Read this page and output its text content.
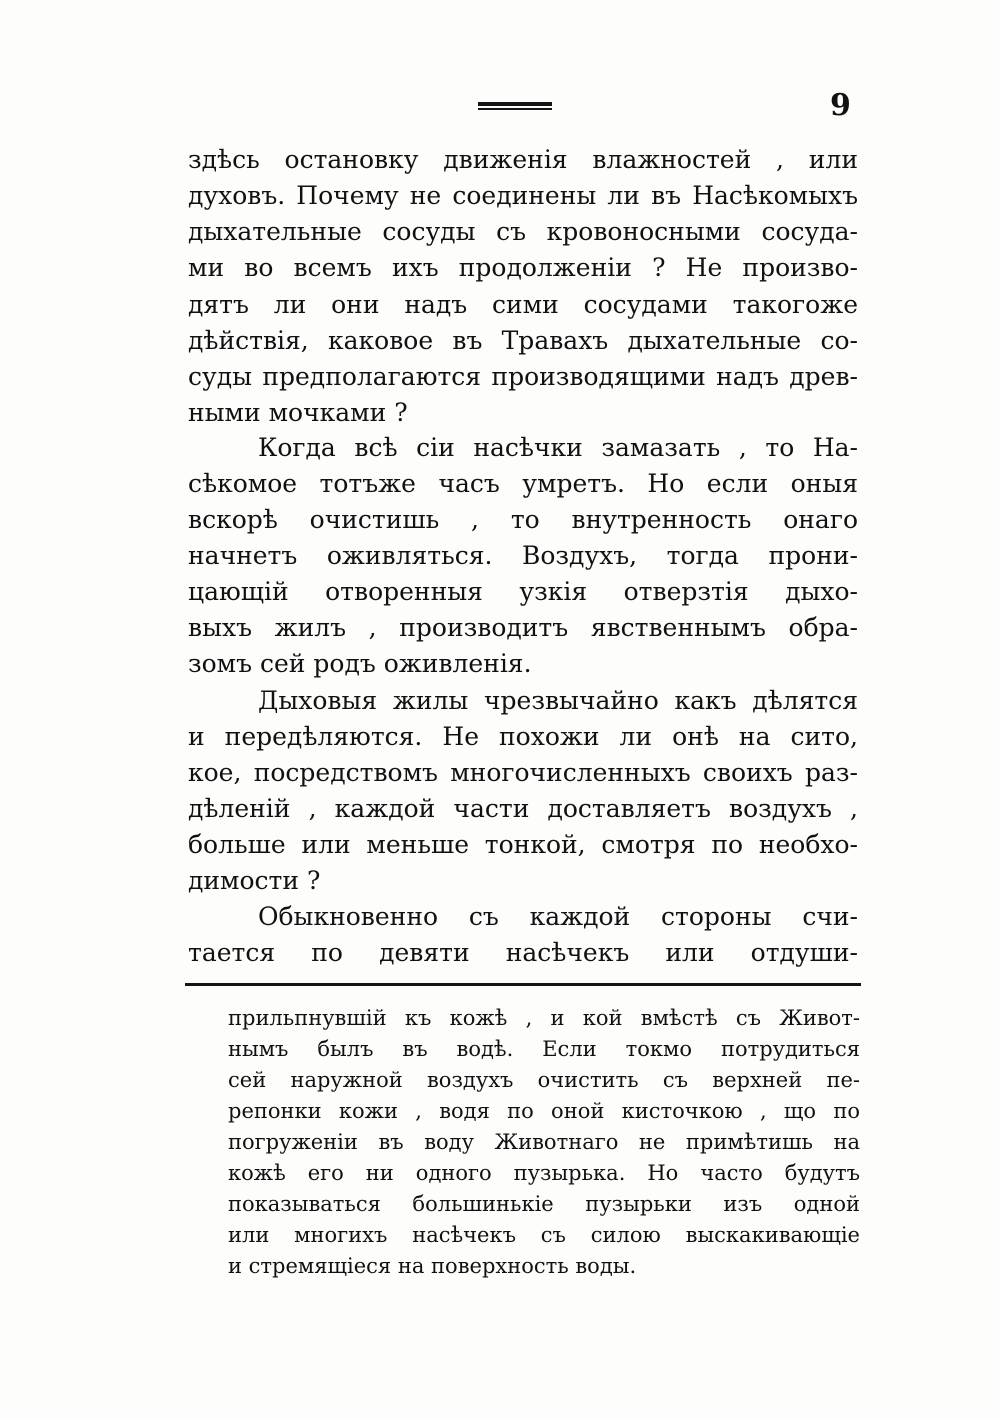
9
здѣсь остановку движенія влажностей , или
духовъ. Почему не соединены ли въ Насѣкомыхъ
дыхательные сосуды съ кровоносными сосуда-
ми во всемъ ихъ продолженіи ? Не произво-
дятъ ли они надъ сими сосудами такогоже
дѣйствія, каковое въ Травахъ дыхательные со-
суды предполагаются производящими надъ древ-
ными мочками ?
Когда всѣ сіи насѣчки замазать , то На-
сѣкомое тотъже часъ умретъ. Но если оныя
вскорѣ очистишь , то внутренность онаго
начнетъ оживляться. Воздухъ, тогда прони-
цающій отворенныя узкія отверзтія дыхо-
выхъ жилъ , производитъ явственнымъ обра-
зомъ сей родъ оживленія.
Дыховыя жилы чрезвычайно какъ дѣлятся
и передѣляются. Не похожи ли онѣ на сито,
кое, посредствомъ многочисленныхъ своихъ раз-
дѣленій , каждой части доставляетъ воздухъ ,
больше или меньше тонкой, смотря по необхо-
димости ?
Обыкновенно съ каждой стороны счи-
тается по девяти насѣчекъ или отдуши-
прильпнувшій къ кожѣ , и кой вмѣстѣ съ Живот-
нымъ былъ въ водѣ. Если токмо потрудиться
сей наружной воздухъ очистить съ верхней пе-
репонки кожи , водя по оной кисточкою , що по
погруженіи въ воду Животнаго не примѣтишь на
кожѣ его ни одного пузырька. Но часто будутъ
показываться большинькіе пузырьки изъ одной
или многихъ насѣчекъ съ силою выскакивающіе
и стремящіеся на поверхность воды.
